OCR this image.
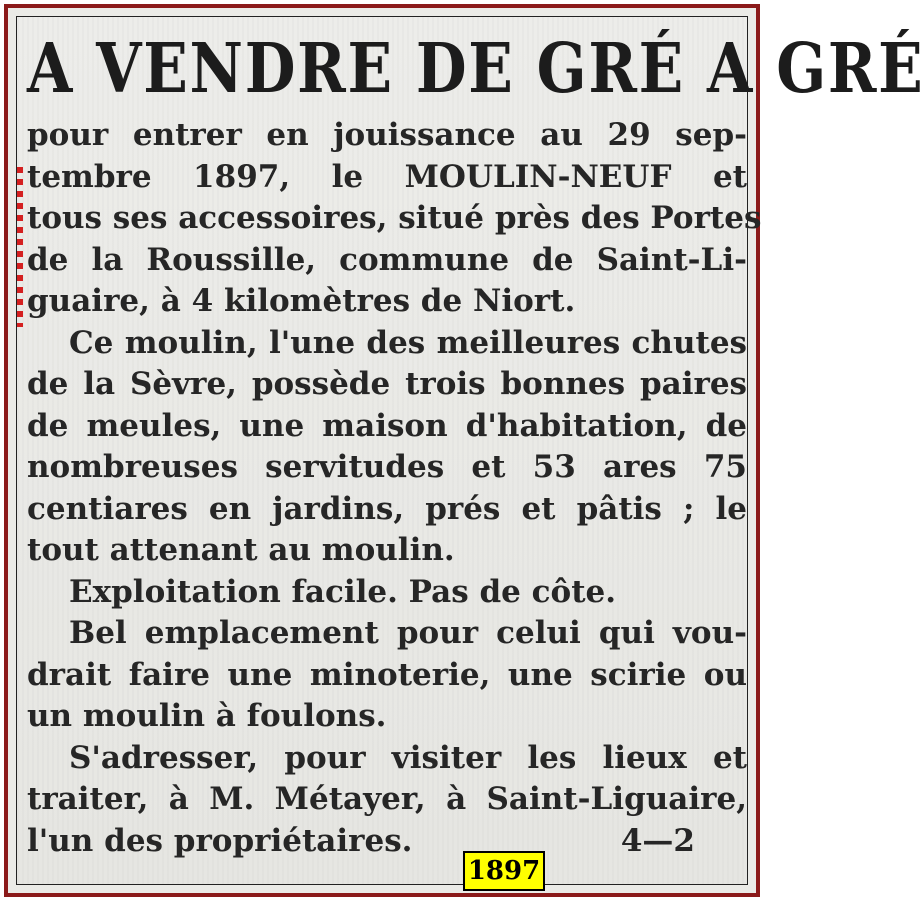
A VENDRE DE GRÉ A GRÉ
pour entrer en jouissance au 29 sep-
tembre 1897, le MOULIN-NEUF et
tous ses accessoires, situé près des Portes
de la Roussille, commune de Saint-Li-
guaire, à 4 kilomètres de Niort.
Ce moulin, l'une des meilleures chutes
de la Sèvre, possède trois bonnes paires
de meules, une maison d'habitation, de
nombreuses servitudes et 53 ares 75
centiares en jardins, prés et pâtis ; le
tout attenant au moulin.
Exploitation facile. Pas de côte.
Bel emplacement pour celui qui vou-
drait faire une minoterie, une scirie ou
un moulin à foulons.
S'adresser, pour visiter les lieux et
traiter, à M. Métayer, à Saint-Liguaire,
l'un des propriétaires.	4—2
1897
